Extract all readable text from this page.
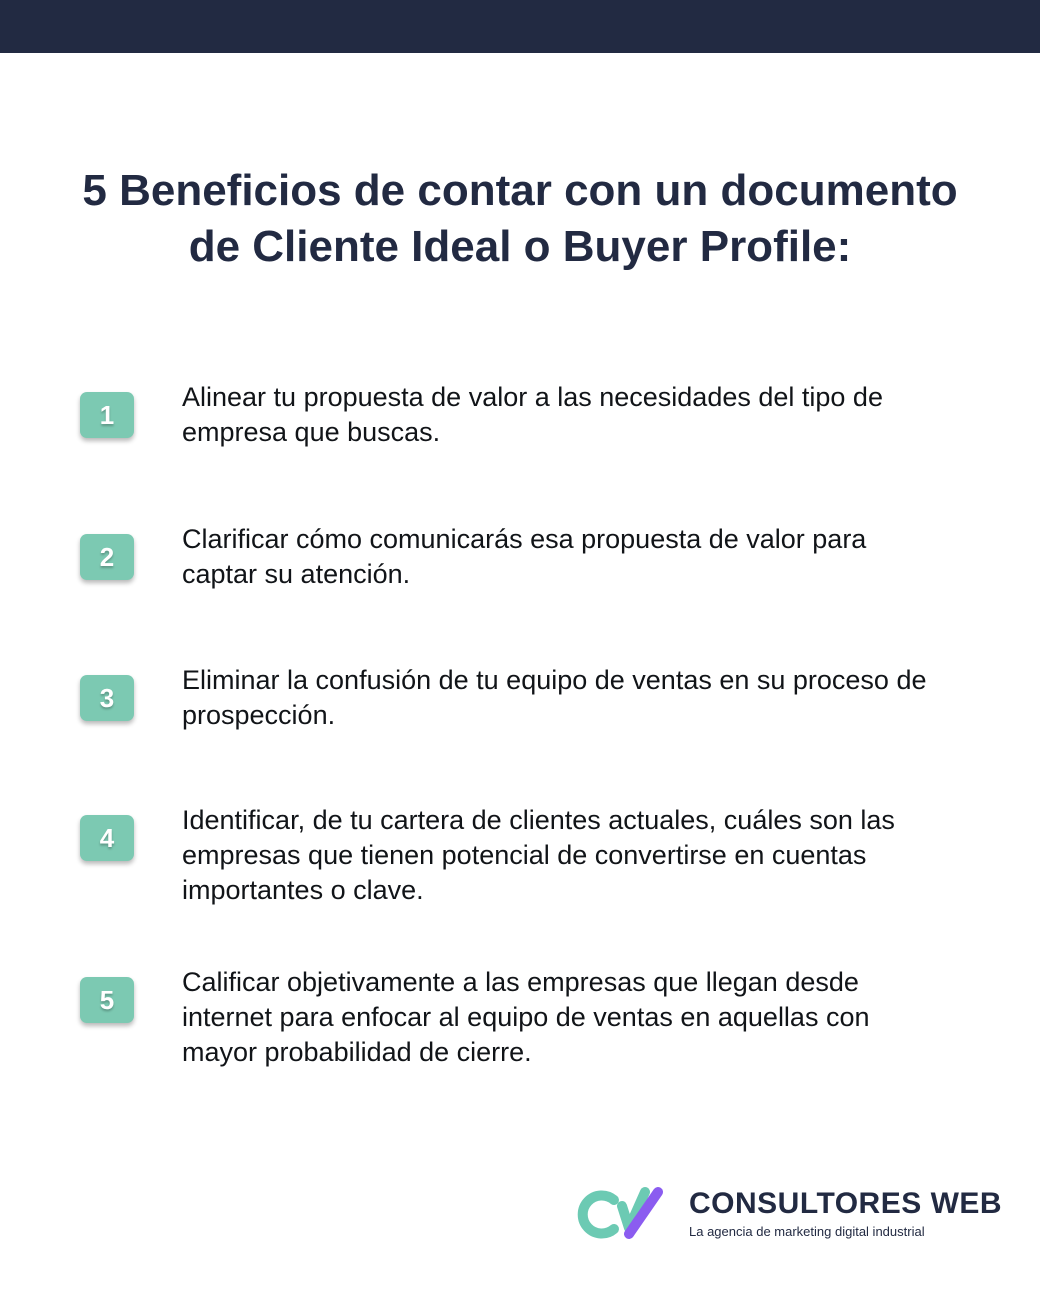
5 Beneficios de contar con un documento
de Cliente Ideal o Buyer Profile:
1
Alinear tu propuesta de valor a las necesidades del tipo de empresa que buscas.
2
Clarificar cómo comunicarás esa propuesta de valor para captar su atención.
3
Eliminar la confusión de tu equipo de ventas en su proceso de prospección.
4
Identificar, de tu cartera de clientes actuales, cuáles son las empresas que tienen potencial de convertirse en cuentas importantes o clave.
5
Calificar objetivamente a las empresas que llegan desde internet para enfocar al equipo de ventas en aquellas con mayor probabilidad de cierre.
CONSULTORES WEB
La agencia de marketing digital industrial
